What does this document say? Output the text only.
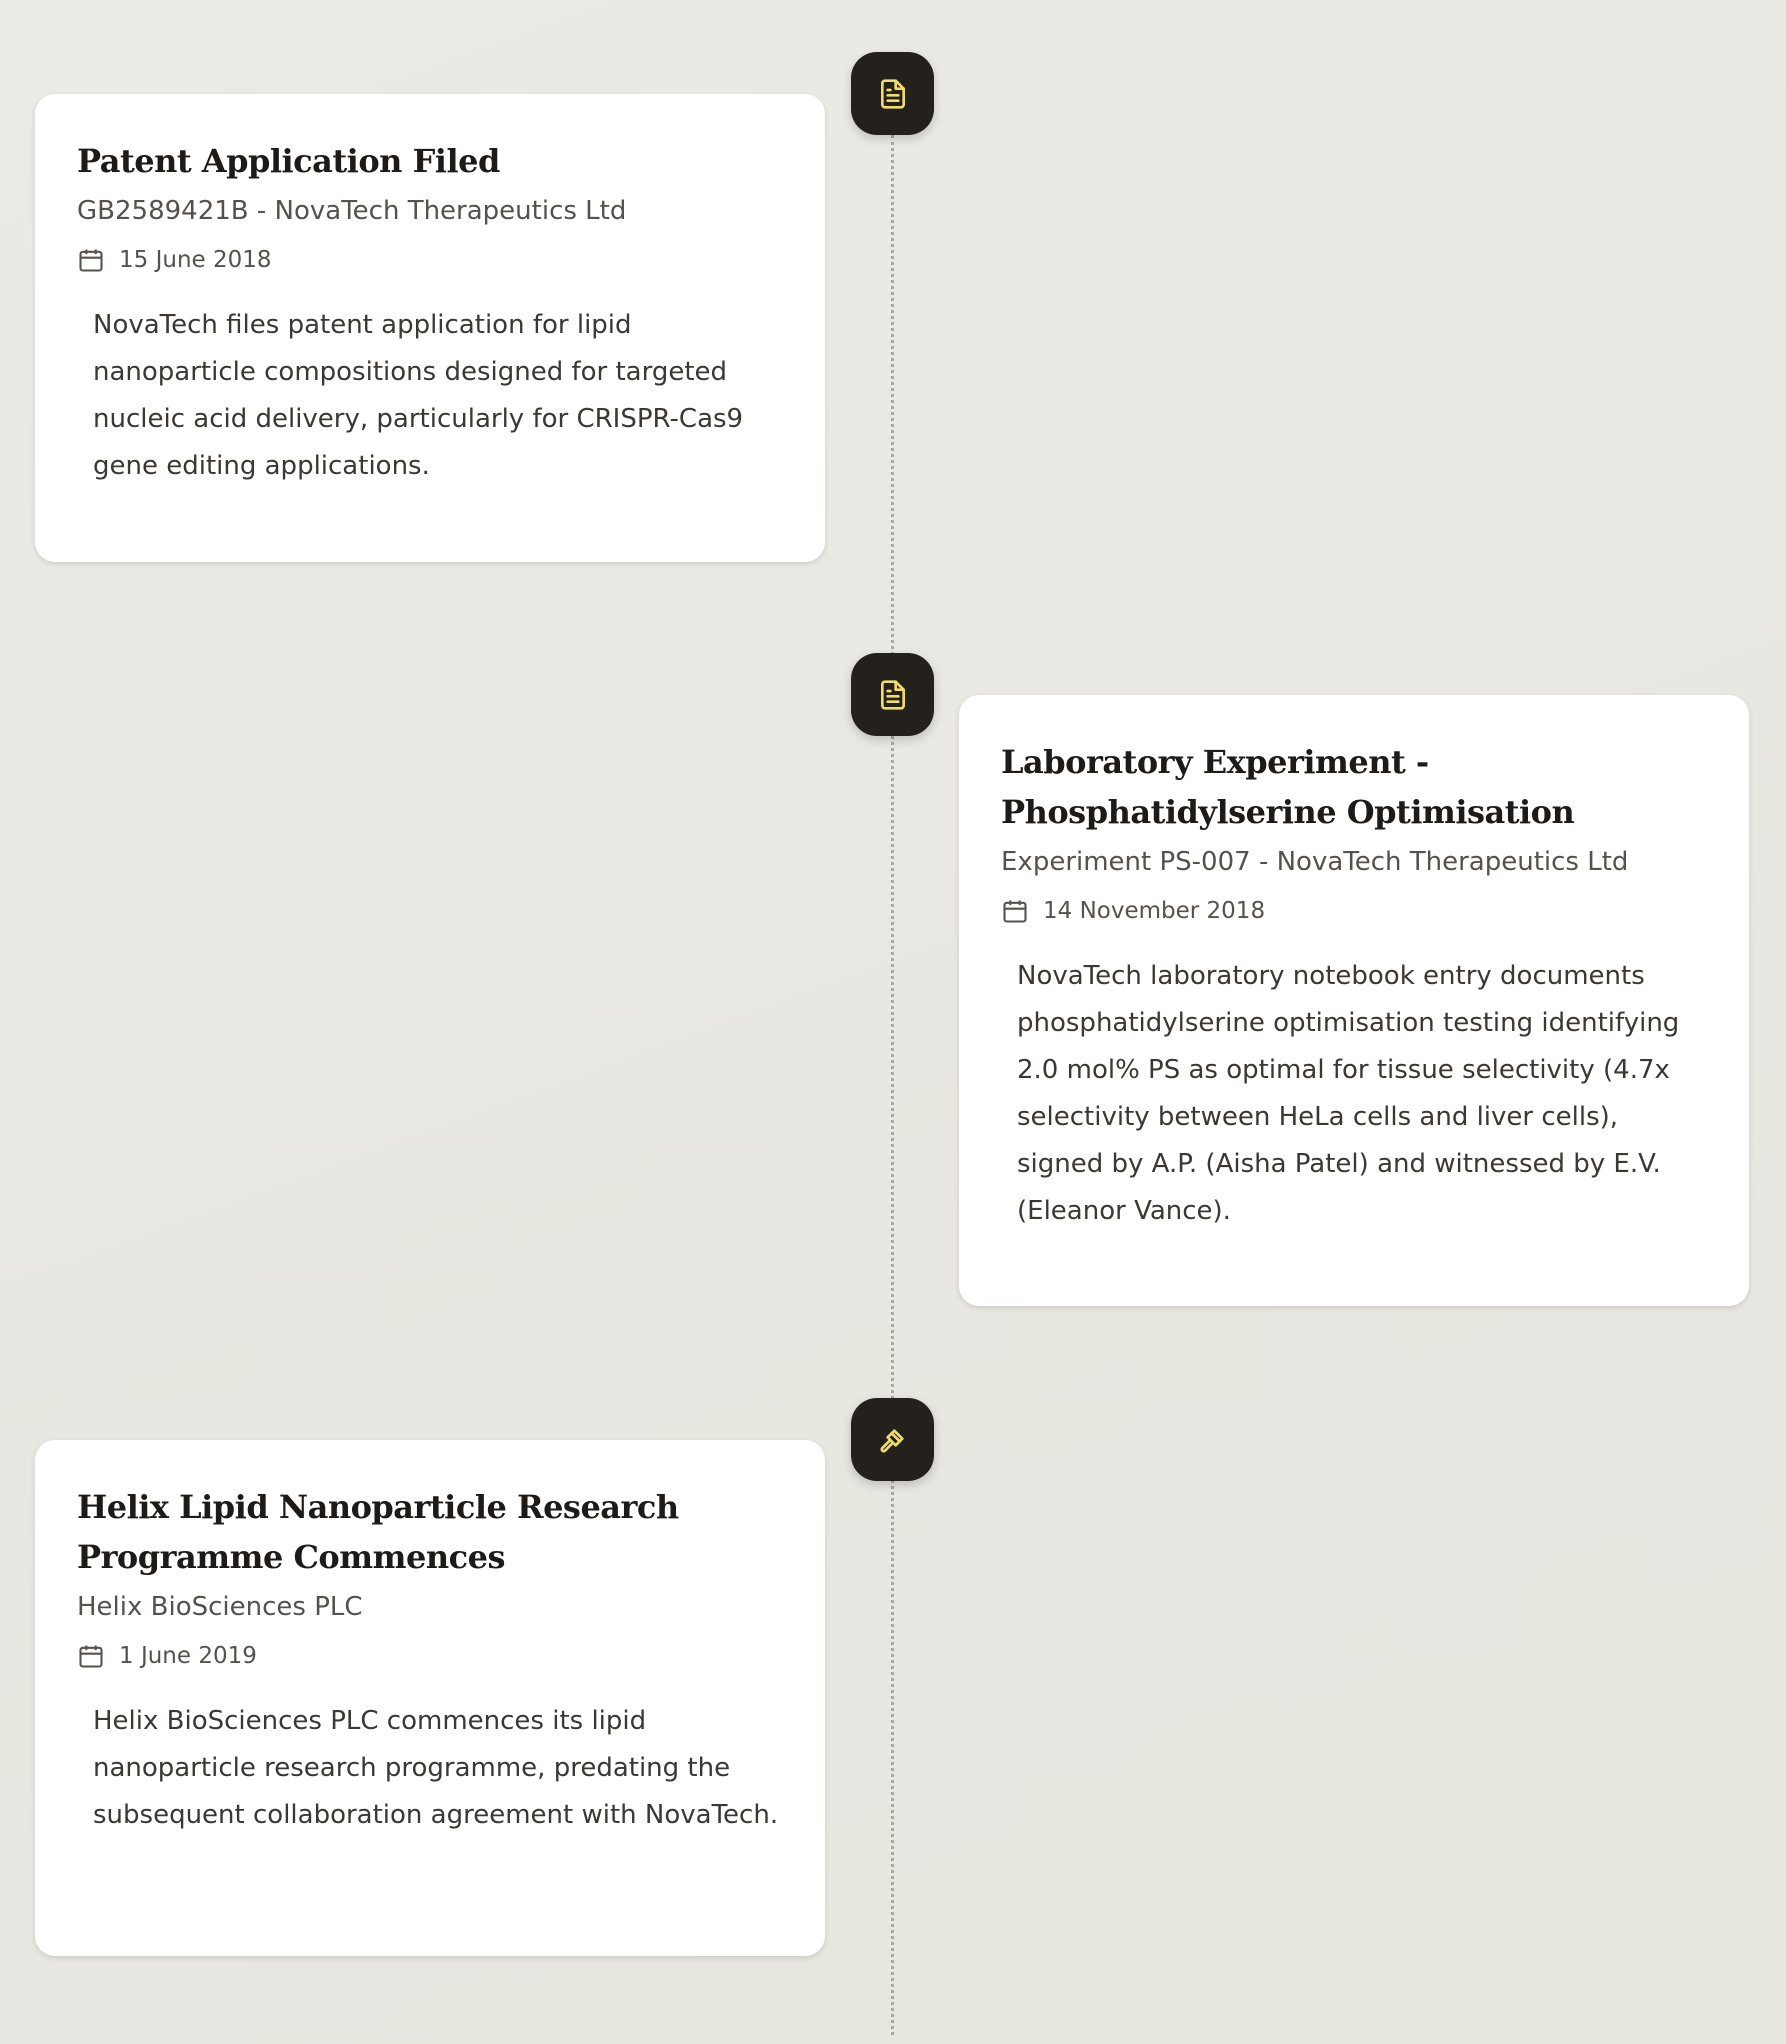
Patent Application Filed
GB2589421B - NovaTech Therapeutics Ltd
15 June 2018

NovaTech files patent application for lipid nanoparticle compositions designed for targeted nucleic acid delivery, particularly for CRISPR-Cas9 gene editing applications.

Laboratory Experiment - Phosphatidylserine Optimisation
Experiment PS-007 - NovaTech Therapeutics Ltd
14 November 2018

NovaTech laboratory notebook entry documents phosphatidylserine optimisation testing identifying 2.0 mol% PS as optimal for tissue selectivity (4.7x selectivity between HeLa cells and liver cells), signed by A.P. (Aisha Patel) and witnessed by E.V. (Eleanor Vance).

Helix Lipid Nanoparticle Research Programme Commences
Helix BioSciences PLC
1 June 2019

Helix BioSciences PLC commences its lipid nanoparticle research programme, predating the subsequent collaboration agreement with NovaTech.
